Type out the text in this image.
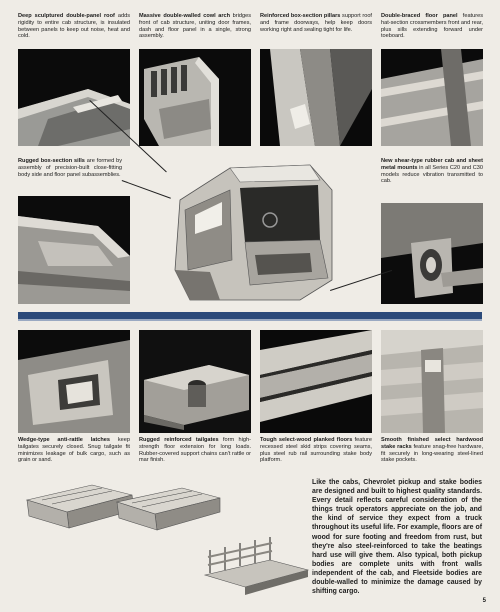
Deep sculptured double-panel roof adds rigidity to entire cab structure, is insulated between panels to keep out noise, heat and cold.
Massive double-walled cowl arch bridges front of cab structure, uniting door frames, dash and floor panel in a single, strong assembly.
Reinforced box-section pillars support roof and frame doorways, help keep doors working right and sealing tight for life.
Double-braced floor panel features hat-section crossmembers front and rear, plus sills extending forward under toeboard.
Rugged box-section sills are formed by assembly of precision-built close-fitting body side and floor panel subassemblies.
New shear-type rubber cab and sheet metal mounts in all Series C20 and C30 models reduce vibration transmitted to cab.
Wedge-type anti-rattle latches keep tailgates securely closed. Snug tailgate fit minimizes leakage of bulk cargo, such as grain or sand.
Rugged reinforced tailgates form high-strength floor extension for long loads. Rubber-covered support chains can't rattle or mar finish.
Tough select-wood planked floors feature recessed steel skid strips covering seams, plus steel rub rail surrounding stake body platform.
Smooth finished select hardwood stake racks feature snag-free hardware, fit securely in long-wearing steel-lined stake pockets.
Like the cabs, Chevrolet pickup and stake bodies are designed and built to highest quality standards. Every detail reflects careful consideration of the things truck operators appreciate on the job, and the kind of service they expect from a truck throughout its useful life. For example, floors are of wood for sure footing and freedom from rust, but they're also steel-reinforced to take the beatings hard use will give them. Also typical, both pickup bodies are complete units with front walls independent of the cab, and Fleetside bodies are double-walled to minimize the damage caused by shifting cargo.
5
